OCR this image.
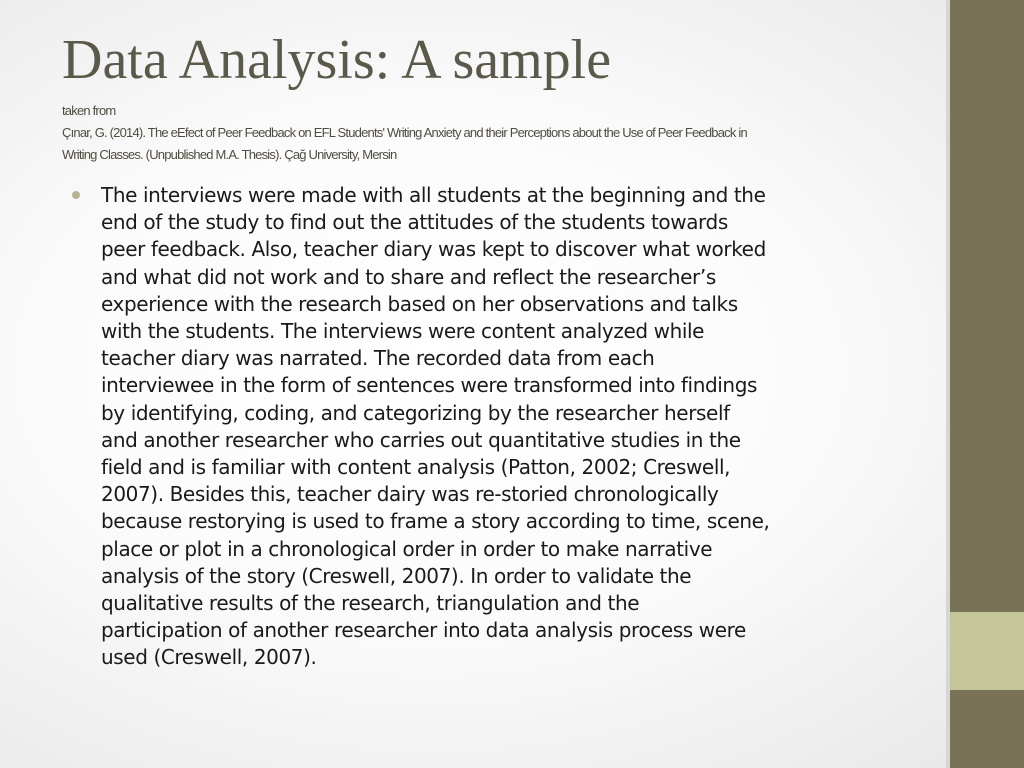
Data Analysis: A sample
taken from
Çınar, G. (2014). The eEfect of Peer Feedback on EFL Students' Writing Anxiety and their Perceptions about the Use of Peer Feedback in
Writing Classes. (Unpublished M.A. Thesis). Çağ University, Mersin

The interviews were made with all students at the beginning and the
end of the study to find out the attitudes of the students towards
peer feedback. Also, teacher diary was kept to discover what worked
and what did not work and to share and reflect the researcher’s
experience with the research based on her observations and talks
with the students. The interviews were content analyzed while
teacher diary was narrated. The recorded data from each
interviewee in the form of sentences were transformed into findings
by identifying, coding, and categorizing by the researcher herself
and another researcher who carries out quantitative studies in the
field and is familiar with content analysis (Patton, 2002; Creswell,
2007). Besides this, teacher dairy was re-storied chronologically
because restorying is used to frame a story according to time, scene,
place or plot in a chronological order in order to make narrative
analysis of the story (Creswell, 2007). In order to validate the
qualitative results of the research, triangulation and the
participation of another researcher into data analysis process were
used (Creswell, 2007).
